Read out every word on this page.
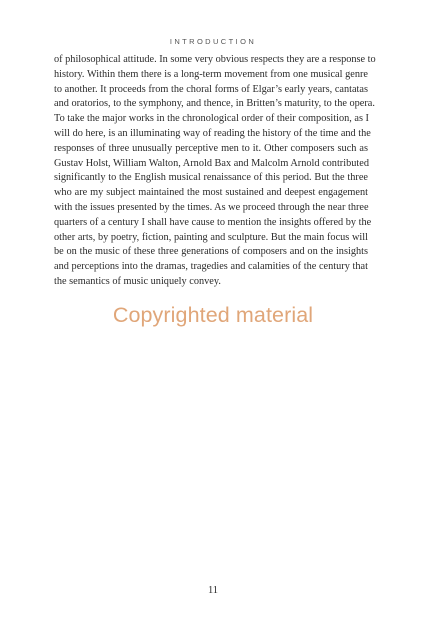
INTRODUCTION
of philosophical attitude. In some very obvious respects they are a response to
history. Within them there is a long-term movement from one musical genre
to another. It proceeds from the choral forms of Elgar’s early years, cantatas
and oratorios, to the symphony, and thence, in Britten’s maturity, to the opera.
To take the major works in the chronological order of their composition, as I
will do here, is an illuminating way of reading the history of the time and the
responses of three unusually perceptive men to it. Other composers such as
Gustav Holst, William Walton, Arnold Bax and Malcolm Arnold contributed
significantly to the English musical renaissance of this period. But the three
who are my subject maintained the most sustained and deepest engagement
with the issues presented by the times. As we proceed through the near three
quarters of a century I shall have cause to mention the insights offered by the
other arts, by poetry, fiction, painting and sculpture. But the main focus will
be on the music of these three generations of composers and on the insights
and perceptions into the dramas, tragedies and calamities of the century that
the semantics of music uniquely convey.
Copyrighted material
11
